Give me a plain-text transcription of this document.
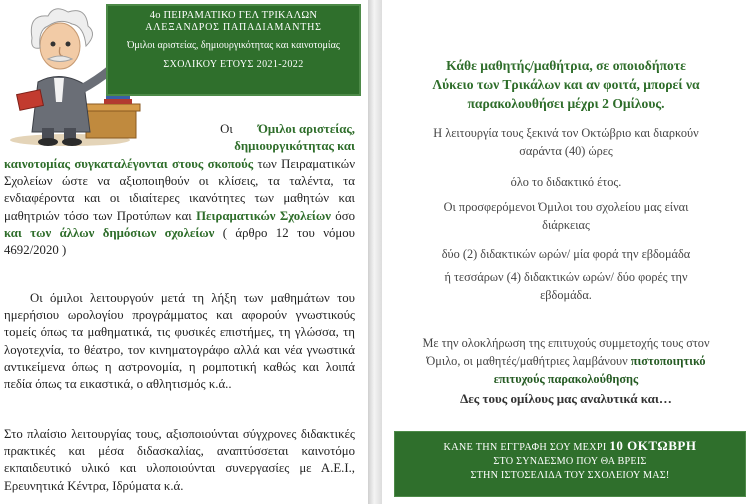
4ο ΠΕΙΡΑΜΑΤΙΚΟ ΓΕΛ ΤΡΙΚΑΛΩΝ
ΑΛΕΞΑΝΔΡΟΣ ΠΑΠΑΔΙΑΜΑΝΤΗΣ
Όμιλοι αριστείας, δημιουργικότητας και καινοτομίας
ΣΧΟΛΙΚΟΥ ΕΤΟΥΣ 2021-2022
Οι Όμιλοι αριστείας, δημιουργικότητας και
καινοτομίας συγκαταλέγονται στους σκοπούς των Πειραματικών Σχολείων ώστε να αξιοποιηθούν οι κλίσεις, τα ταλέντα, τα ενδιαφέροντα και οι ιδιαίτερες ικανότητες των μαθητών και μαθητριών τόσο των Προτύπων και Πειραματικών Σχολείων όσο και των άλλων δημόσιων σχολείων ( άρθρο 12 του νόμου 4692/2020 )
Οι όμιλοι λειτουργούν μετά τη λήξη των μαθημάτων του ημερήσιου ωρολογίου προγράμματος και αφορούν γνωστικούς τομείς όπως τα μαθηματικά, τις φυσικές επιστήμες, τη γλώσσα, τη λογοτεχνία, το θέατρο, τον κινηματογράφο αλλά και νέα γνωστικά αντικείμενα όπως η αστρονομία, η ρομποτική καθώς και λοιπά πεδία όπως τα εικαστικά, ο αθλητισμός κ.ά..
Στο πλαίσιο λειτουργίας τους, αξιοποιούνται σύγχρονες διδακτικές πρακτικές και μέσα διδασκαλίας, αναπτύσσεται καινοτόμο εκπαιδευτικό υλικό και υλοποιούνται συνεργασίες με Α.Ε.Ι., Ερευνητικά Κέντρα, Ιδρύματα κ.ά.
Κάθε μαθητής/μαθήτρια, σε οποιοδήποτε
Λύκειο των Τρικάλων και αν φοιτά, μπορεί να
παρακολουθήσει μέχρι 2 Ομίλους.
Η λειτουργία τους ξεκινά τον Οκτώβριο και διαρκούν
σαράντα (40) ώρες
όλο το διδακτικό έτος.
Οι προσφερόμενοι Όμιλοι του σχολείου μας είναι
διάρκειας
δύο (2) διδακτικών ωρών/ μία φορά την εβδομάδα
ή τεσσάρων (4) διδακτικών ωρών/ δύο φορές την
εβδομάδα.
Με την ολοκλήρωση της επιτυχούς συμμετοχής τους στον
Όμιλο, οι μαθητές/μαθήτριες λαμβάνουν πιστοποιητικό
επιτυχούς παρακολούθησης
Δες τους ομίλους μας αναλυτικά και…
ΚΑΝΕ ΤΗΝ ΕΓΓΡΑΦΗ ΣΟΥ ΜΕΧΡΙ 10 ΟΚΤΩΒΡΗ
ΣΤΟ ΣΥΝΔΕΣΜΟ ΠΟΥ ΘΑ ΒΡΕΙΣ
ΣΤΗΝ ΙΣΤΟΣΕΛΙΔΑ ΤΟΥ ΣΧΟΛΕΙΟΥ ΜΑΣ!
